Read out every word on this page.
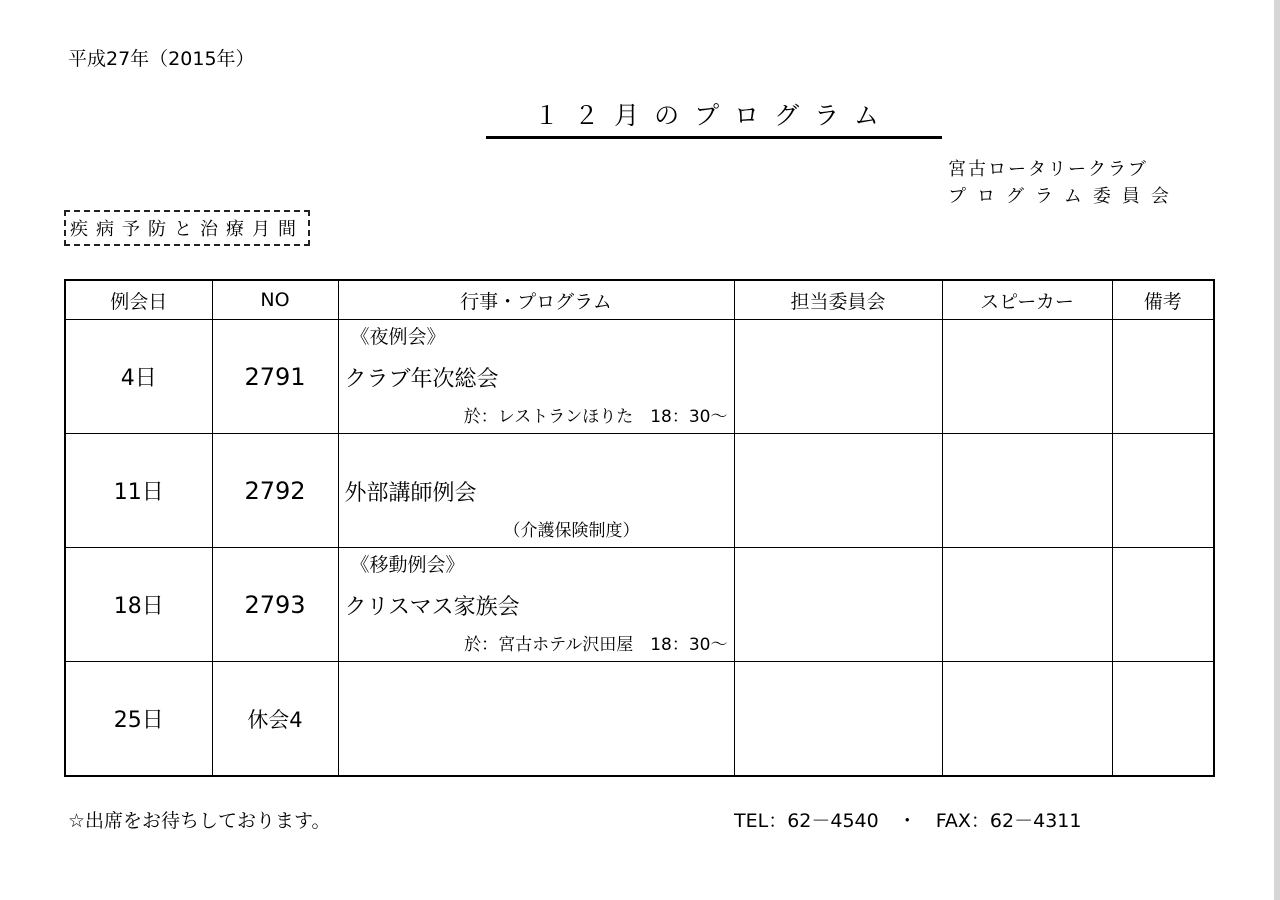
平成27年（2015年）
１２月のプログラム
宮古ロータリークラブ
プログラム委員会
疾病予防と治療月間
例会日	NO	行事・プログラム	担当委員会	スピーカー	備考
4日	2791	《夜例会》
クラブ年次総会
於：レストランほりた　18：30～			

11日	2792	外部講師例会
（介護保険制度）			

18日	2793	《移動例会》
クリスマス家族会
於：宮古ホテル沢田屋　18：30～			

25日	休会4				
☆出席をお待ちしております。	TEL：62－4540　・　FAX：62－4311
